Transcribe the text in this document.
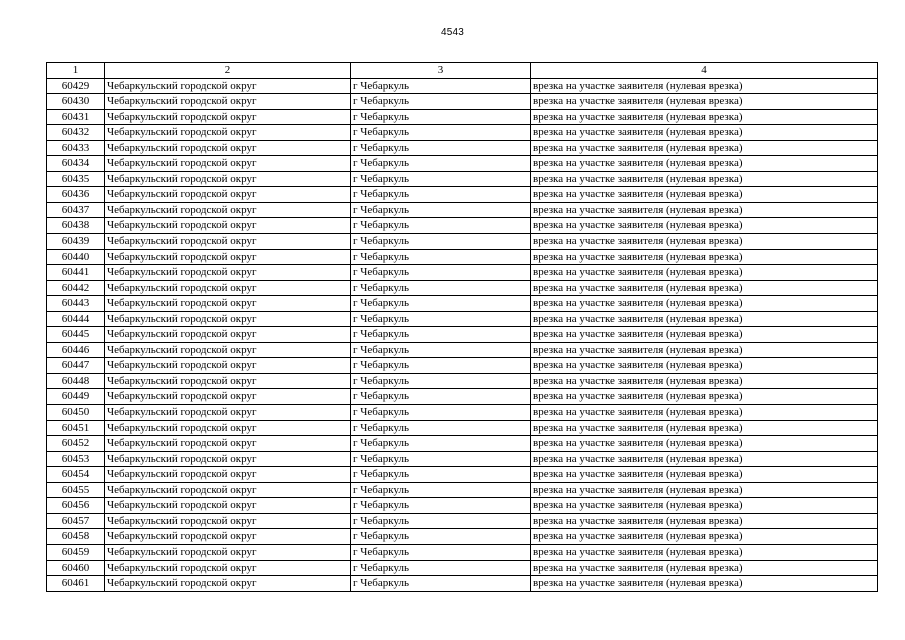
4543
1	2	3	4
60429	Чебаркульский городской округ	г Чебаркуль	врезка на участке заявителя (нулевая врезка)
60430	Чебаркульский городской округ	г Чебаркуль	врезка на участке заявителя (нулевая врезка)
60431	Чебаркульский городской округ	г Чебаркуль	врезка на участке заявителя (нулевая врезка)
60432	Чебаркульский городской округ	г Чебаркуль	врезка на участке заявителя (нулевая врезка)
60433	Чебаркульский городской округ	г Чебаркуль	врезка на участке заявителя (нулевая врезка)
60434	Чебаркульский городской округ	г Чебаркуль	врезка на участке заявителя (нулевая врезка)
60435	Чебаркульский городской округ	г Чебаркуль	врезка на участке заявителя (нулевая врезка)
60436	Чебаркульский городской округ	г Чебаркуль	врезка на участке заявителя (нулевая врезка)
60437	Чебаркульский городской округ	г Чебаркуль	врезка на участке заявителя (нулевая врезка)
60438	Чебаркульский городской округ	г Чебаркуль	врезка на участке заявителя (нулевая врезка)
60439	Чебаркульский городской округ	г Чебаркуль	врезка на участке заявителя (нулевая врезка)
60440	Чебаркульский городской округ	г Чебаркуль	врезка на участке заявителя (нулевая врезка)
60441	Чебаркульский городской округ	г Чебаркуль	врезка на участке заявителя (нулевая врезка)
60442	Чебаркульский городской округ	г Чебаркуль	врезка на участке заявителя (нулевая врезка)
60443	Чебаркульский городской округ	г Чебаркуль	врезка на участке заявителя (нулевая врезка)
60444	Чебаркульский городской округ	г Чебаркуль	врезка на участке заявителя (нулевая врезка)
60445	Чебаркульский городской округ	г Чебаркуль	врезка на участке заявителя (нулевая врезка)
60446	Чебаркульский городской округ	г Чебаркуль	врезка на участке заявителя (нулевая врезка)
60447	Чебаркульский городской округ	г Чебаркуль	врезка на участке заявителя (нулевая врезка)
60448	Чебаркульский городской округ	г Чебаркуль	врезка на участке заявителя (нулевая врезка)
60449	Чебаркульский городской округ	г Чебаркуль	врезка на участке заявителя (нулевая врезка)
60450	Чебаркульский городской округ	г Чебаркуль	врезка на участке заявителя (нулевая врезка)
60451	Чебаркульский городской округ	г Чебаркуль	врезка на участке заявителя (нулевая врезка)
60452	Чебаркульский городской округ	г Чебаркуль	врезка на участке заявителя (нулевая врезка)
60453	Чебаркульский городской округ	г Чебаркуль	врезка на участке заявителя (нулевая врезка)
60454	Чебаркульский городской округ	г Чебаркуль	врезка на участке заявителя (нулевая врезка)
60455	Чебаркульский городской округ	г Чебаркуль	врезка на участке заявителя (нулевая врезка)
60456	Чебаркульский городской округ	г Чебаркуль	врезка на участке заявителя (нулевая врезка)
60457	Чебаркульский городской округ	г Чебаркуль	врезка на участке заявителя (нулевая врезка)
60458	Чебаркульский городской округ	г Чебаркуль	врезка на участке заявителя (нулевая врезка)
60459	Чебаркульский городской округ	г Чебаркуль	врезка на участке заявителя (нулевая врезка)
60460	Чебаркульский городской округ	г Чебаркуль	врезка на участке заявителя (нулевая врезка)
60461	Чебаркульский городской округ	г Чебаркуль	врезка на участке заявителя (нулевая врезка)
